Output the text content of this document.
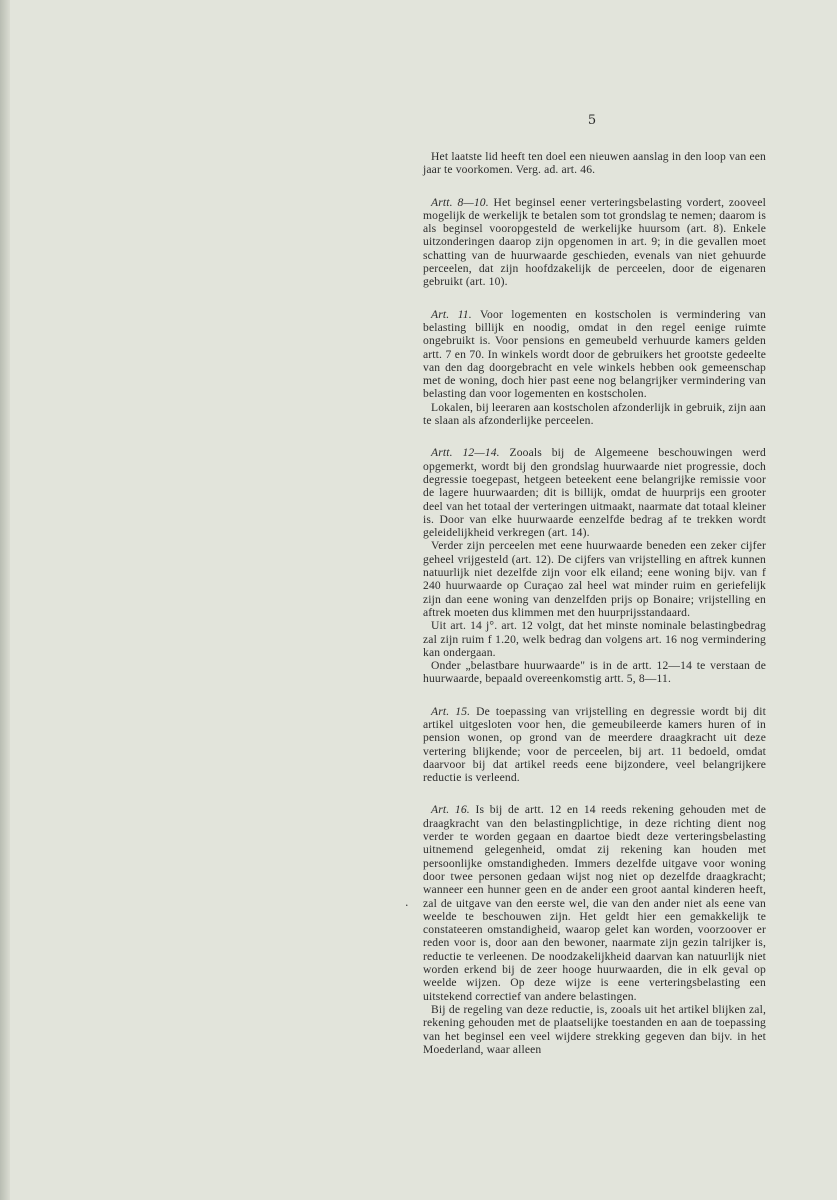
5
.

Het laatste lid heeft ten doel een nieuwen aanslag in den loop van een jaar te voorkomen. Verg. ad. art. 46.

Artt. 8—10. Het beginsel eener verteringsbelasting vordert, zooveel mogelijk de werkelijk te betalen som tot grondslag te nemen; daarom is als beginsel vooropgesteld de werkelijke huursom (art. 8). Enkele uitzonderingen daarop zijn opgenomen in art. 9; in die gevallen moet schatting van de huurwaarde geschieden, evenals van niet gehuurde perceelen, dat zijn hoofdzakelijk de perceelen, door de eigenaren gebruikt (art. 10).

Art. 11. Voor logementen en kostscholen is vermindering van belasting billijk en noodig, omdat in den regel eenige ruimte ongebruikt is. Voor pensions en gemeubeld verhuurde kamers gelden artt. 7 en 70. In winkels wordt door de gebruikers het grootste gedeelte van den dag doorgebracht en vele winkels hebben ook gemeenschap met de woning, doch hier past eene nog belangrijker vermindering van belasting dan voor logementen en kostscholen.

Lokalen, bij leeraren aan kostscholen afzonderlijk in gebruik, zijn aan te slaan als afzonderlijke perceelen.

Artt. 12—14. Zooals bij de Algemeene beschouwingen werd opgemerkt, wordt bij den grondslag huurwaarde niet progressie, doch degressie toegepast, hetgeen beteekent eene belangrijke remissie voor de lagere huurwaarden; dit is billijk, omdat de huurprijs een grooter deel van het totaal der verteringen uitmaakt, naarmate dat totaal kleiner is. Door van elke huurwaarde eenzelfde bedrag af te trekken wordt geleidelijkheid verkregen (art. 14).

Verder zijn perceelen met eene huurwaarde beneden een zeker cijfer geheel vrijgesteld (art. 12). De cijfers van vrijstelling en aftrek kunnen natuurlijk niet dezelfde zijn voor elk eiland; eene woning bijv. van f 240 huurwaarde op Curaçao zal heel wat minder ruim en geriefelijk zijn dan eene woning van denzelfden prijs op Bonaire; vrijstelling en aftrek moeten dus klimmen met den huurprijsstandaard.

Uit art. 14 j°. art. 12 volgt, dat het minste nominale belastingbedrag zal zijn ruim f 1.20, welk bedrag dan volgens art. 16 nog vermindering kan ondergaan.

Onder „belastbare huurwaarde" is in de artt. 12—14 te verstaan de huurwaarde, bepaald overeenkomstig artt. 5, 8—11.

Art. 15. De toepassing van vrijstelling en degressie wordt bij dit artikel uitgesloten voor hen, die gemeubileerde kamers huren of in pension wonen, op grond van de meerdere draagkracht uit deze vertering blijkende; voor de perceelen, bij art. 11 bedoeld, omdat daarvoor bij dat artikel reeds eene bijzondere, veel belangrijkere reductie is verleend.

Art. 16. Is bij de artt. 12 en 14 reeds rekening gehouden met de draagkracht van den belastingplichtige, in deze richting dient nog verder te worden gegaan en daartoe biedt deze verteringsbelasting uitnemend gelegenheid, omdat zij rekening kan houden met persoonlijke omstandigheden. Immers dezelfde uitgave voor woning door twee personen gedaan wijst nog niet op dezelfde draagkracht; wanneer een hunner geen en de ander een groot aantal kinderen heeft, zal de uitgave van den eerste wel, die van den ander niet als eene van weelde te beschouwen zijn. Het geldt hier een gemakkelijk te constateeren omstandigheid, waarop gelet kan worden, voorzoover er reden voor is, door aan den bewoner, naarmate zijn gezin talrijker is, reductie te verleenen. De noodzakelijkheid daarvan kan natuurlijk niet worden erkend bij de zeer hooge huurwaarden, die in elk geval op weelde wijzen. Op deze wijze is eene verteringsbelasting een uitstekend correctief van andere belastingen.

Bij de regeling van deze reductie, is, zooals uit het artikel blijken zal, rekening gehouden met de plaatselijke toestanden en aan de toepassing van het beginsel een veel wijdere strekking gegeven dan bijv. in het Moederland, waar alleen
